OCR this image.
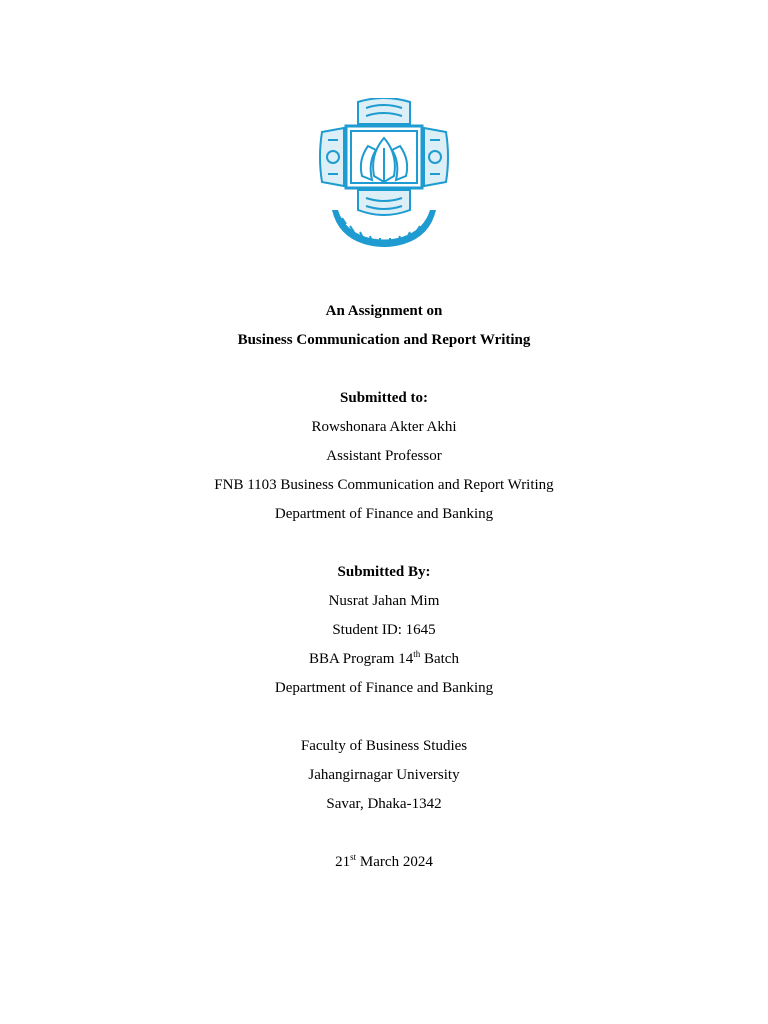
An Assignment on
Business Communication and Report Writing
Submitted to:
Rowshonara Akter Akhi
Assistant Professor
FNB 1103 Business Communication and Report Writing
Department of Finance and Banking
Submitted By:
Nusrat Jahan Mim
Student ID: 1645
BBA Program 14th Batch
Department of Finance and Banking
Faculty of Business Studies
Jahangirnagar University
Savar, Dhaka-1342
21st March 2024
